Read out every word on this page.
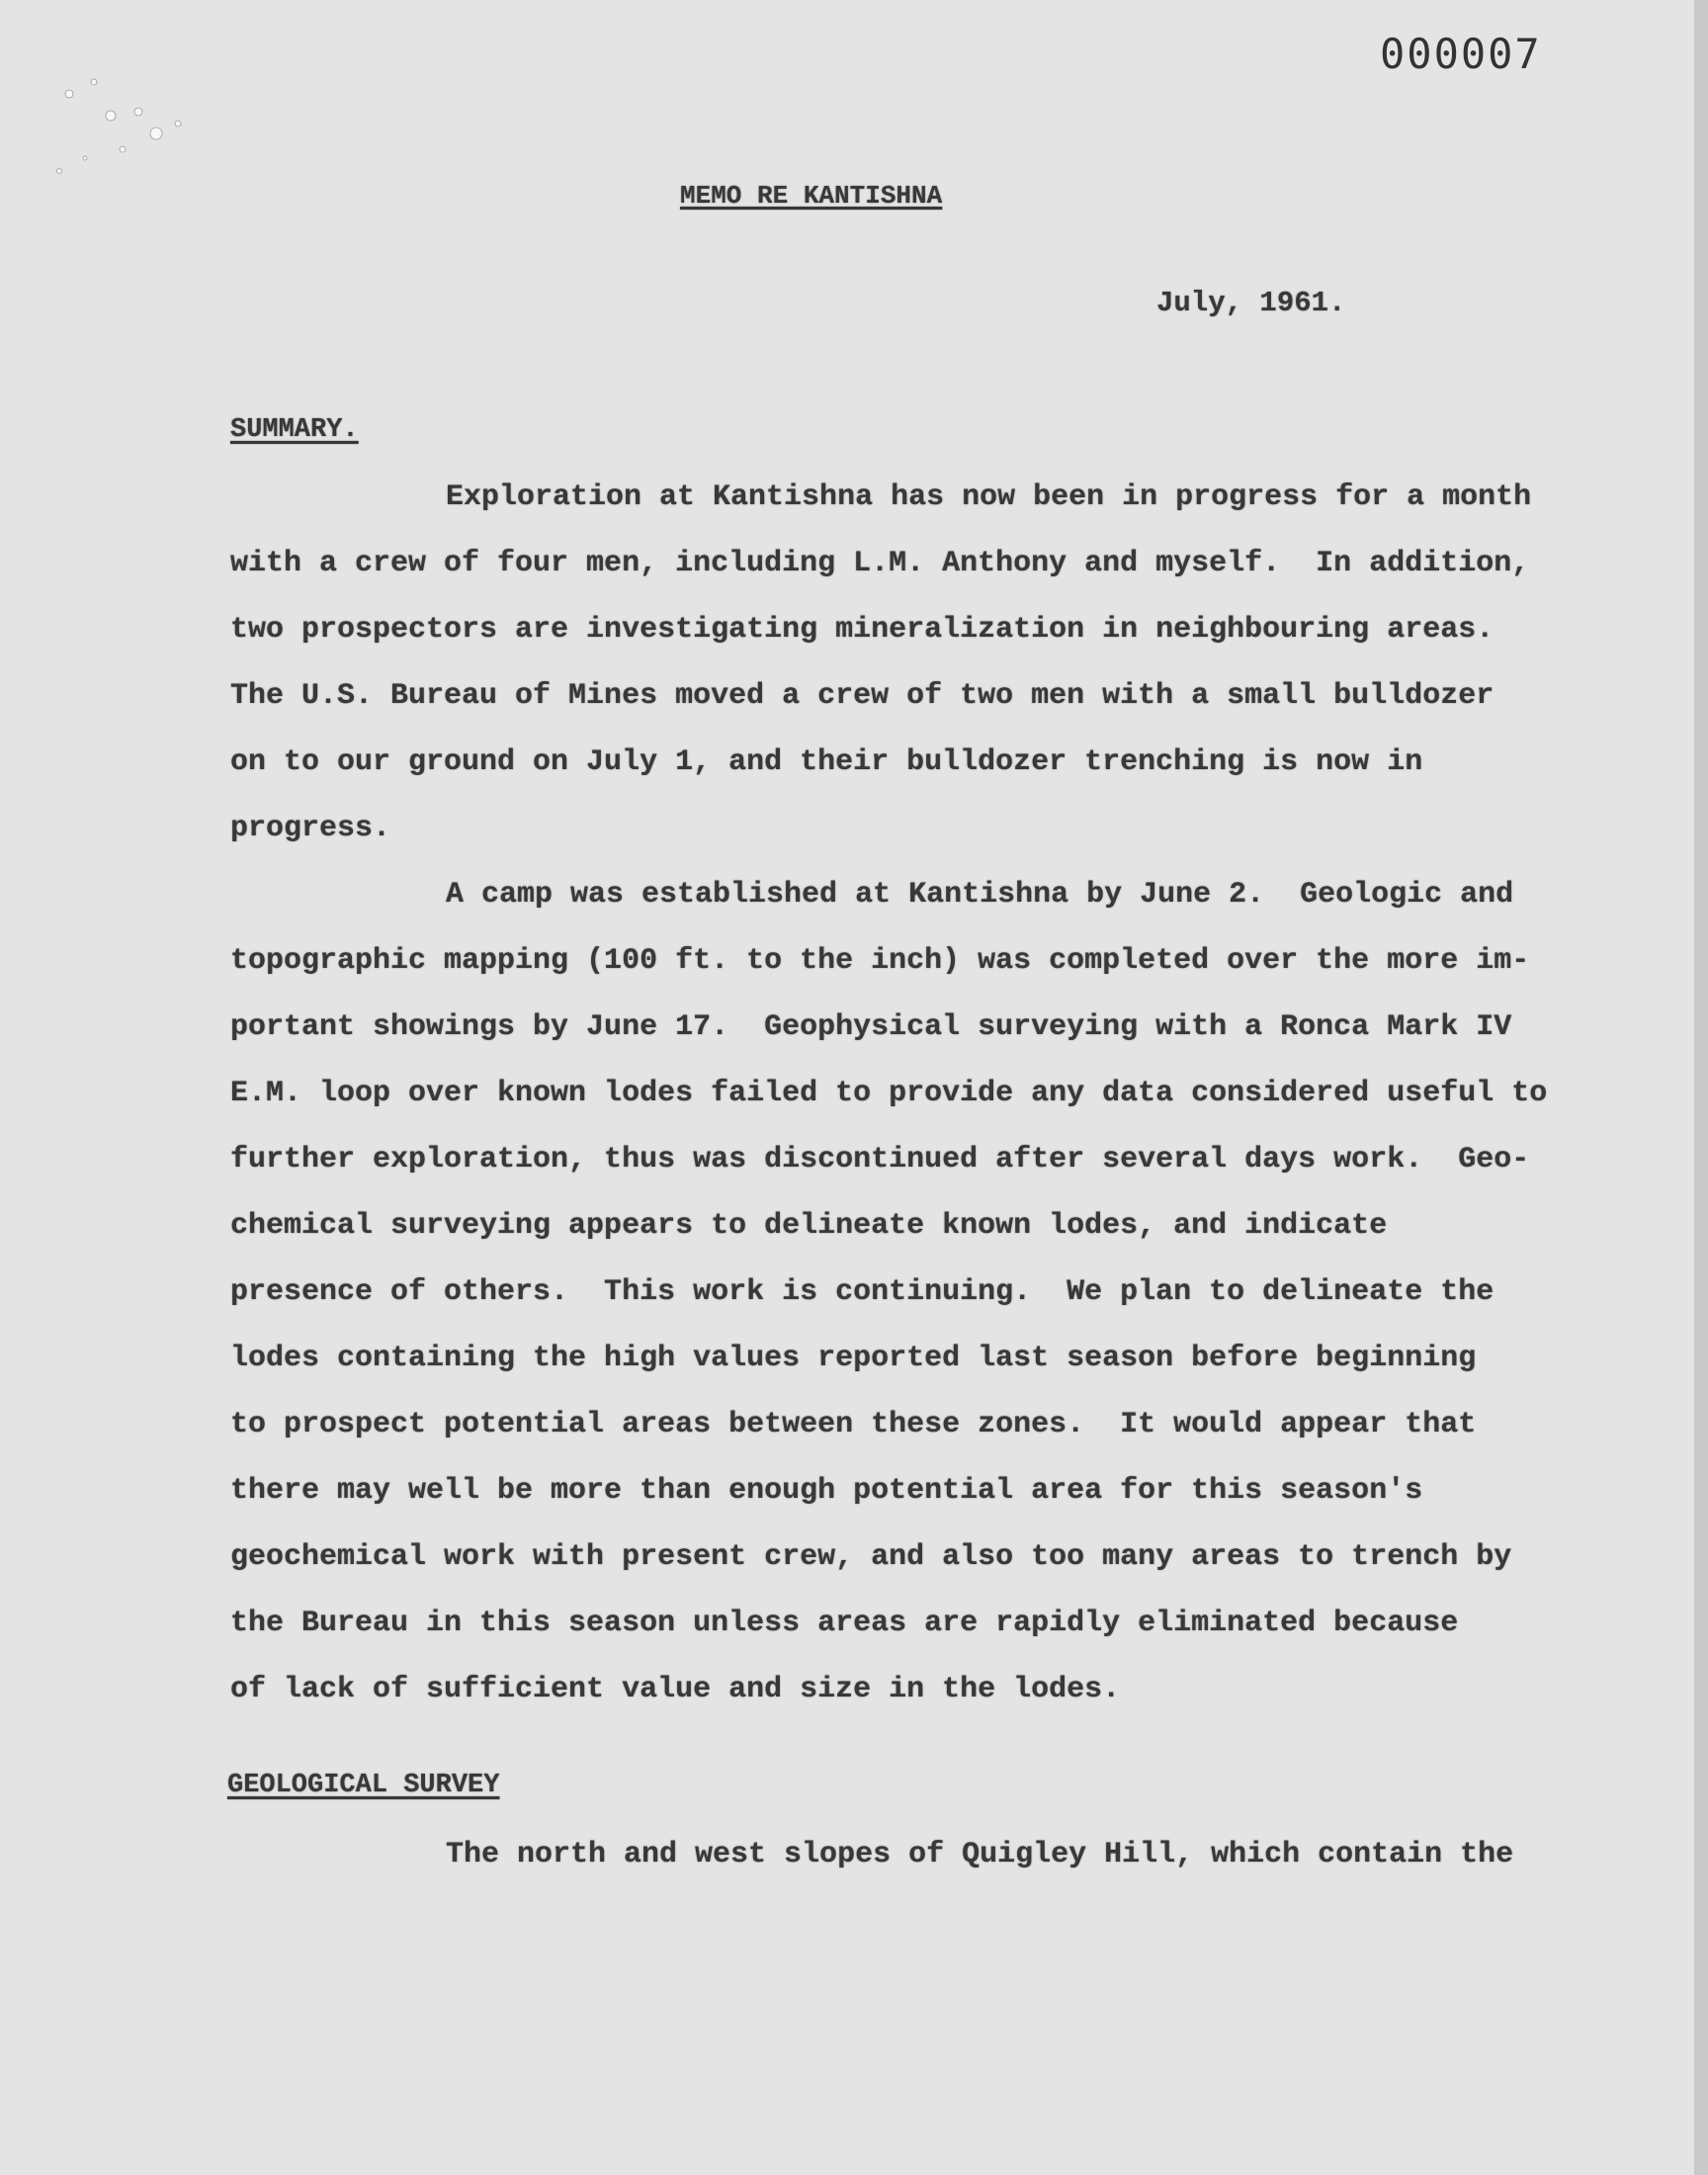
000007
MEMO RE KANTISHNA
July, 1961.
SUMMARY.
Exploration at Kantishna has now been in progress for a month
with a crew of four men, including L.M. Anthony and myself.  In addition,
two prospectors are investigating mineralization in neighbouring areas.
The U.S. Bureau of Mines moved a crew of two men with a small bulldozer
on to our ground on July 1, and their bulldozer trenching is now in
progress.
A camp was established at Kantishna by June 2.  Geologic and
topographic mapping (100 ft. to the inch) was completed over the more im-
portant showings by June 17.  Geophysical surveying with a Ronca Mark IV
E.M. loop over known lodes failed to provide any data considered useful to
further exploration, thus was discontinued after several days work.  Geo-
chemical surveying appears to delineate known lodes, and indicate
presence of others.  This work is continuing.  We plan to delineate the
lodes containing the high values reported last season before beginning
to prospect potential areas between these zones.  It would appear that
there may well be more than enough potential area for this season's
geochemical work with present crew, and also too many areas to trench by
the Bureau in this season unless areas are rapidly eliminated because
of lack of sufficient value and size in the lodes.
GEOLOGICAL SURVEY
The north and west slopes of Quigley Hill, which contain the
